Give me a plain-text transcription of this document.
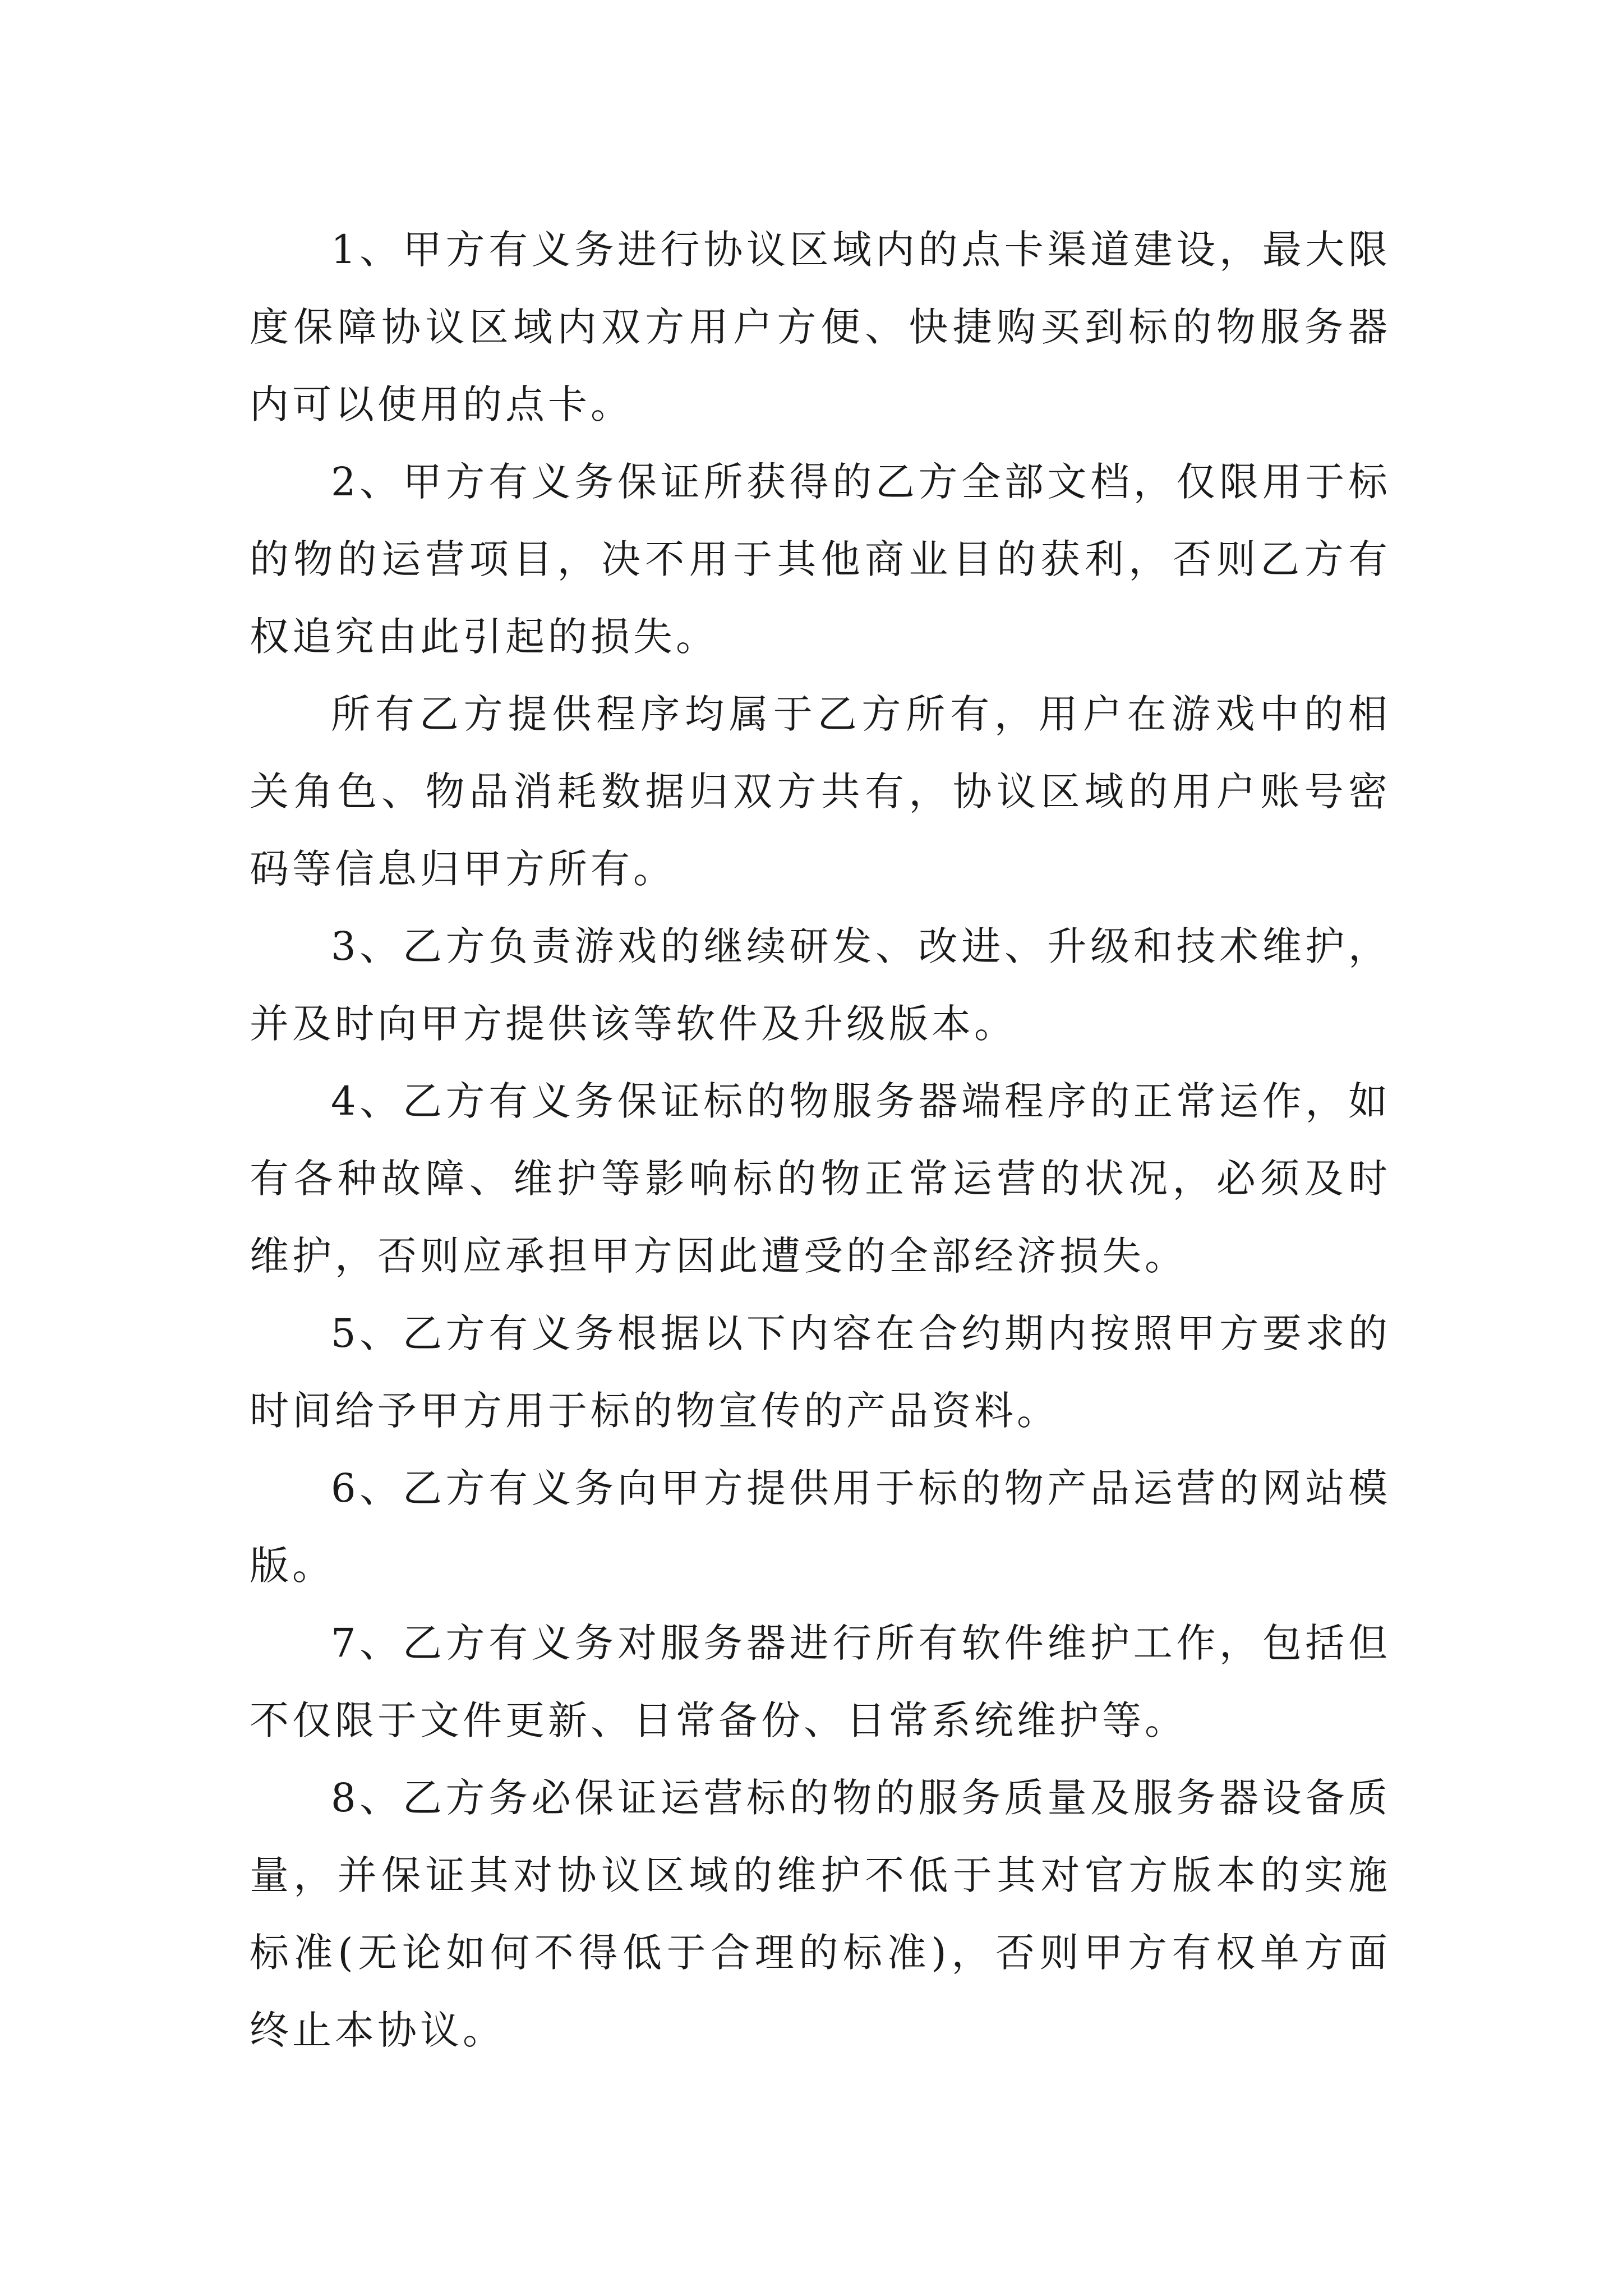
1、甲方有义务进行协议区域内的点卡渠道建设，最大限度保障协议区域内双方用户方便、快捷购买到标的物服务器内可以使用的点卡。

2、甲方有义务保证所获得的乙方全部文档，仅限用于标的物的运营项目，决不用于其他商业目的获利，否则乙方有权追究由此引起的损失。

所有乙方提供程序均属于乙方所有，用户在游戏中的相关角色、物品消耗数据归双方共有，协议区域的用户账号密码等信息归甲方所有。

3、乙方负责游戏的继续研发、改进、升级和技术维护，并及时向甲方提供该等软件及升级版本。

4、乙方有义务保证标的物服务器端程序的正常运作，如有各种故障、维护等影响标的物正常运营的状况，必须及时维护，否则应承担甲方因此遭受的全部经济损失。

5、乙方有义务根据以下内容在合约期内按照甲方要求的时间给予甲方用于标的物宣传的产品资料。

6、乙方有义务向甲方提供用于标的物产品运营的网站模版。

7、乙方有义务对服务器进行所有软件维护工作，包括但不仅限于文件更新、日常备份、日常系统维护等。

8、乙方务必保证运营标的物的服务质量及服务器设备质量，并保证其对协议区域的维护不低于其对官方版本的实施标准(无论如何不得低于合理的标准)，否则甲方有权单方面终止本协议。
